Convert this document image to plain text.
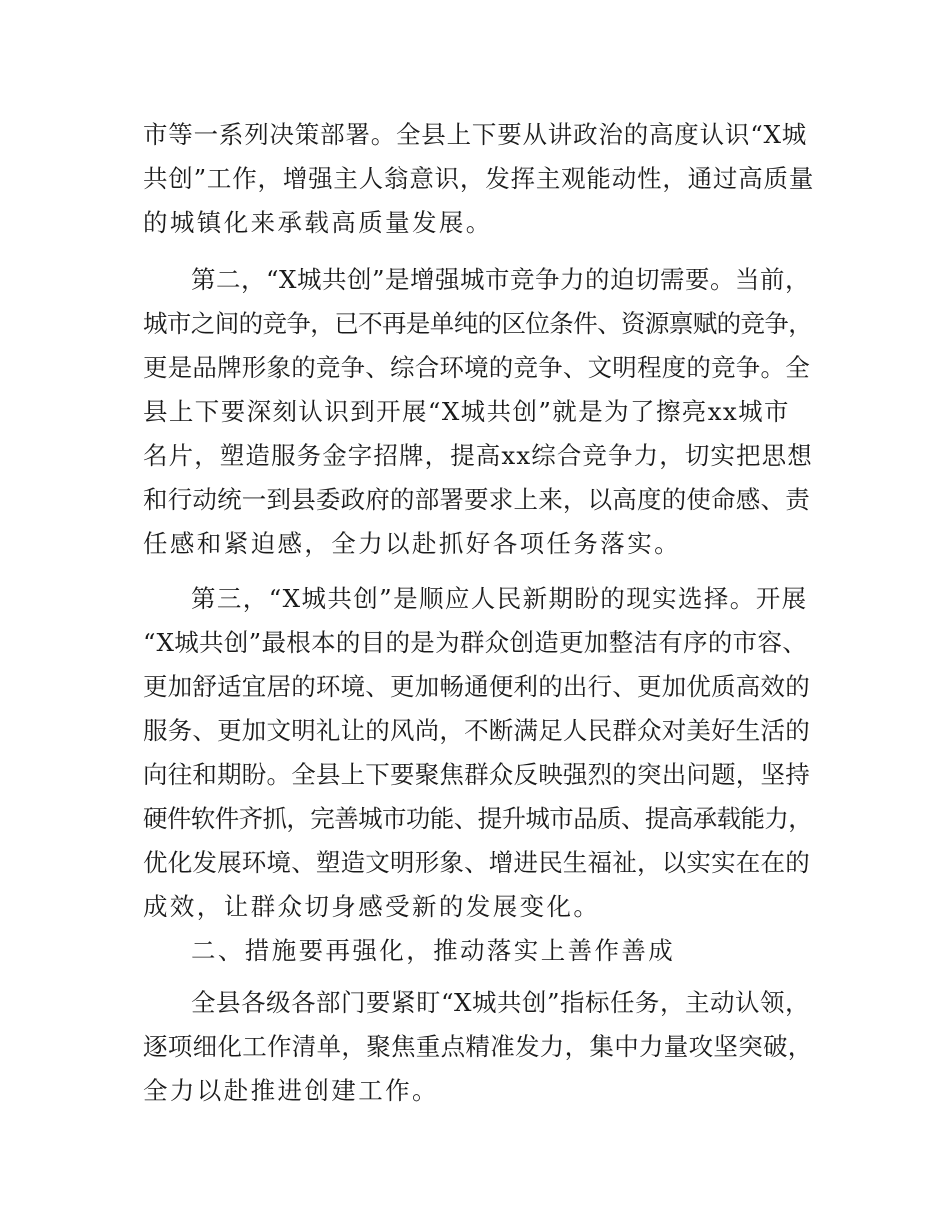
市等一系列决策部署。全县上下要从讲政治的高度认识“X城
共创”工作，增强主人翁意识，发挥主观能动性，通过高质量
的城镇化来承载高质量发展。
第二，“X城共创”是增强城市竞争力的迫切需要。当前，
城市之间的竞争，已不再是单纯的区位条件、资源禀赋的竞争，
更是品牌形象的竞争、综合环境的竞争、文明程度的竞争。全
县上下要深刻认识到开展“X城共创”就是为了擦亮xx城市
名片，塑造服务金字招牌，提高xx综合竞争力，切实把思想
和行动统一到县委政府的部署要求上来，以高度的使命感、责
任感和紧迫感，全力以赴抓好各项任务落实。
第三，“X城共创”是顺应人民新期盼的现实选择。开展
“X城共创”最根本的目的是为群众创造更加整洁有序的市容、
更加舒适宜居的环境、更加畅通便利的出行、更加优质高效的
服务、更加文明礼让的风尚，不断满足人民群众对美好生活的
向往和期盼。全县上下要聚焦群众反映强烈的突出问题，坚持
硬件软件齐抓，完善城市功能、提升城市品质、提高承载能力，
优化发展环境、塑造文明形象、增进民生福祉，以实实在在的
成效，让群众切身感受新的发展变化。
二、措施要再强化，推动落实上善作善成
全县各级各部门要紧盯“X城共创”指标任务，主动认领，
逐项细化工作清单，聚焦重点精准发力，集中力量攻坚突破，
全力以赴推进创建工作。
